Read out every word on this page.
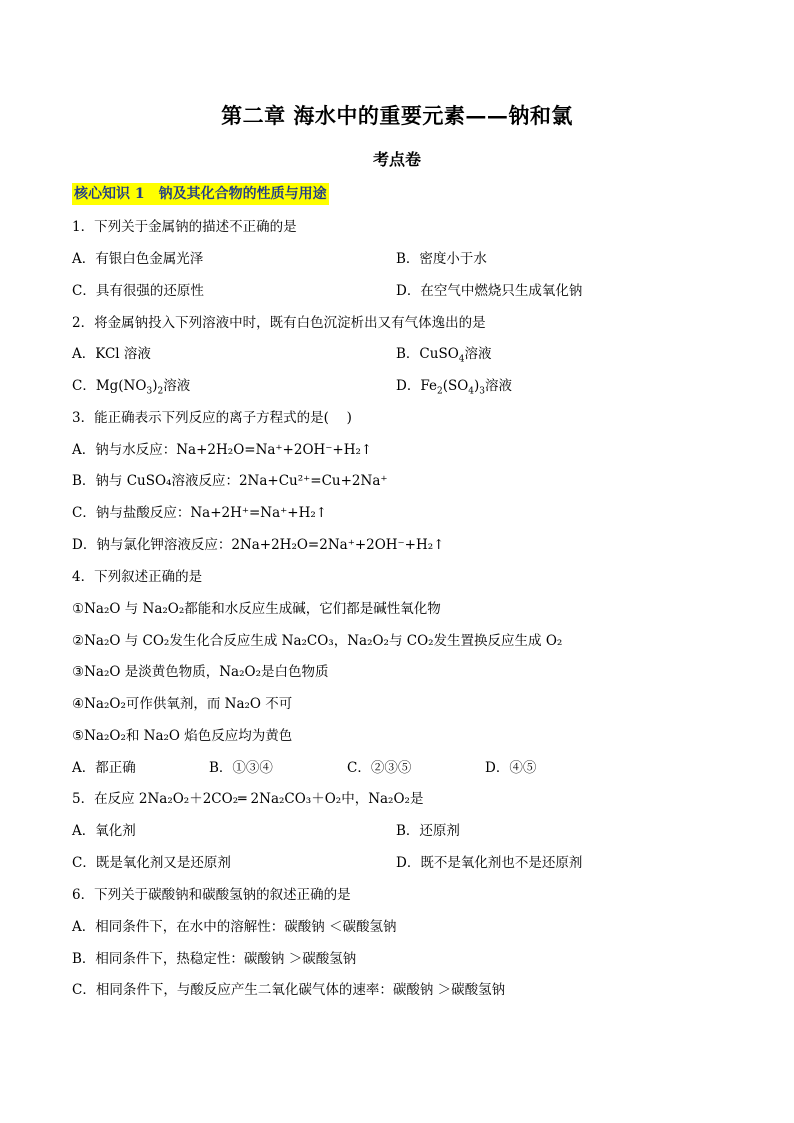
第二章 海水中的重要元素——钠和氯
考点卷
核心知识 1　钠及其化合物的性质与用途
1．下列关于金属钠的描述不正确的是
A．有银白色金属光泽	B．密度小于水
C．具有很强的还原性	D．在空气中燃烧只生成氧化钠
2．将金属钠投入下列溶液中时，既有白色沉淀析出又有气体逸出的是
A．KCl 溶液	B．CuSO$_4$溶液
C．$Mg(NO_3)_2$溶液	D．$Fe_2(SO_4)_3$溶液
3．能正确表示下列反应的离子方程式的是(　 )
A．钠与水反应：Na+2H₂O=Na⁺+2OH⁻+H₂↑
B．钠与 CuSO₄溶液反应：2Na+Cu²⁺=Cu+2Na⁺
C．钠与盐酸反应：Na+2H⁺=Na⁺+H₂↑
D．钠与氯化钾溶液反应：2Na+2H₂O=2Na⁺+2OH⁻+H₂↑
4．下列叙述正确的是
①Na₂O 与 Na₂O₂都能和水反应生成碱，它们都是碱性氧化物
②Na₂O 与 CO₂发生化合反应生成 Na₂CO₃，Na₂O₂与 CO₂发生置换反应生成 O₂
③Na₂O 是淡黄色物质，Na₂O₂是白色物质
④Na₂O₂可作供氧剂，而 Na₂O 不可
⑤Na₂O₂和 Na₂O 焰色反应均为黄色
A．都正确	B．①③④	C．②③⑤	D．④⑤
5．在反应 2Na₂O₂＋2CO₂═ 2Na₂CO₃＋O₂中，Na₂O₂是
A．氧化剂	B．还原剂
C．既是氧化剂又是还原剂	D．既不是氧化剂也不是还原剂
6．下列关于碳酸钠和碳酸氢钠的叙述正确的是
A．相同条件下，在水中的溶解性：碳酸钠 ＜碳酸氢钠
B．相同条件下，热稳定性：碳酸钠 ＞碳酸氢钠
C．相同条件下，与酸反应产生二氧化碳气体的速率：碳酸钠 ＞碳酸氢钠
